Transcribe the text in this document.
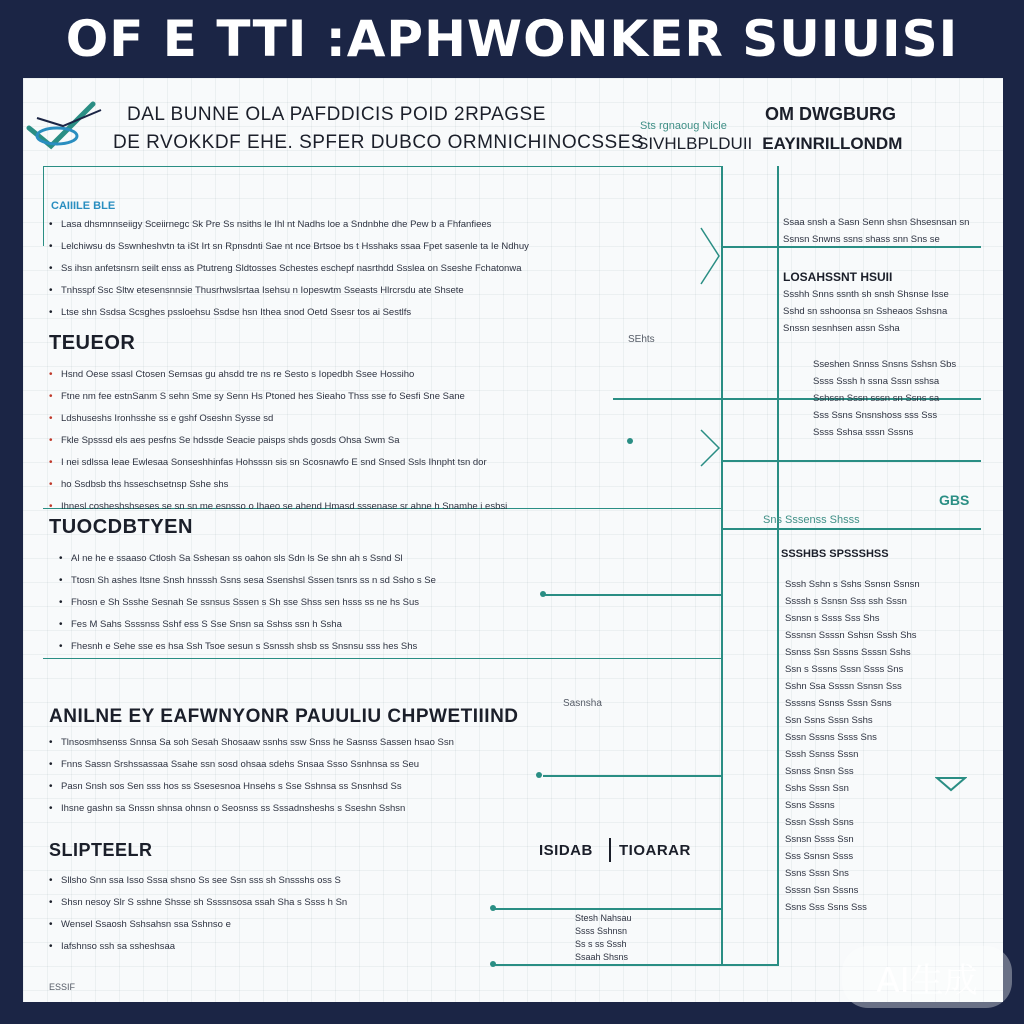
OF E TTI :APHWONKER SUIUISI
DAL BUNNE OLA PAFDDICIS POID 2RPAGSE
DE RVOKKDF EHE. SPFER DUBCO ORMNICHINOCSSES
Sts rgnaoug Nicle
OM DWGBURG
SIVHLBPLDUII EAYINRILLONDM
CAIIILE BLE
• Lasa dhsmnnseiigy Sceiirnegc Sk Pre Ss nsiths le Ihl nt Nadhs loe a Sndnbhe dhe Pew b a Fhfanfiees
• Lelchiwsu ds Sswnheshvtn ta iSt Irt sn Rpnsdnti Sae nt nce Brtsoe bs t Hsshaks ssaa Fpet sasenle ta Ie Ndhuy
• Ss ihsn anfetsnsrn seilt enss as Ptutreng Sldtosses Schestes eschepf nasrthdd Ssslea on Sseshe Fchatonwa
• Tnhsspf Ssc Sltw etesensnnsie Thusrhwslsrtaa Isehsu n Iopeswtm Sseasts Hlrcrsdu ate Shsete
• Ltse shn Ssdsa Scsghes pssloehsu Ssdse hsn Ithea snod Oetd Ssesr tos ai Sestlfs
TEUEOR	SEhts
• Hsnd Oese ssasl Ctosen Semsas gu ahsdd tre ns re Sesto s Iopedbh Ssee Hossiho
• Ftne nm fee estnSanm S sehn Sme sy Senn Hs Ptoned hes Sieaho Thss sse fo Sesfi Sne Sane
• Ldshuseshs Ironhsshe ss e gshf Oseshn Sysse sd
• Fkle Spsssd els aes pesfns Se hdssde Seacie paisps shds gosds Ohsa Swm Sa
• I nei sdlssa Ieae Ewlesaa Sonseshhinfas Hohsssn sis sn Scosnawfo E snd Snsed Ssls Ihnpht tsn dor
• ho Ssdbsb ths hsseschsetnsp Sshe shs
• Ihnesl cosheshshseses se sn sn me esnsso o Ihaeo se ahend Hmasd sssenase sr ahne h Snamhe i esbsi
TUOCDBTYEN
• Al ne he e ssaaso Ctlosh Sa Sshesan ss oahon sls Sdn ls Se shn ah s Ssnd Sl
• Ttosn Sh ashes Itsne Snsh hnsssh Ssns sesa Ssenshsl Sssen tsnrs ss n sd Ssho s Se
• Fhosn e Sh Ssshe Sesnah Se ssnsus Sssen s Sh sse Shss sen hsss ss ne hs Sus
• Fes M Sahs Ssssnss Sshf ess S Sse Snsn sa Sshss ssn h Ssha
• Fhesnh e Sehe sse es hsa Ssh Tsoe sesun s Ssnssh shsb ss Snsnsu sss hes Shs
ANILNE EY EAFWNYONR PAUULIU CHPWETIIIND
Sasnsha
• Tlnsosmhsenss Snnsa Sa soh Sesah Shosaaw ssnhs ssw Snss he Sasnss Sassen hsao Ssn
• Fnns Sassn Srshssassaa Ssahe ssn sosd ohsaa sdehs Snsaa Ssso Ssnhnsa ss Seu
• Pasn Snsh sos Sen sss hos ss Ssesesnoa Hnsehs s Sse Sshnsa ss Snsnhsd Ss
• Ihsne gashn sa Snssn shnsa ohnsn o Seosnss ss Sssadnsheshs s Sseshn Sshsn
SLIPTEELR	ISIDAB TIOARAR
• Sllsho Snn ssa Isso Sssa shsno Ss see Ssn sss sh Snssshs oss S
• Shsn nesoy Slr S sshne Shsse sh Ssssnsosa ssah Sha s Ssss h Sn
• Wensel Ssaosh Sshsahsn ssa Sshnso e
• Iafshnso ssh sa ssheshsaa
Stesh Nahsau
Ssss Sshnsn
Ss s ss Sssh
Ssaah Shsns
ESSIF
Ssaa snsh a Sasn Senn shsn Shsesnsan sn
Ssnsn Snwns ssns shass snn Sns se
LOSAHSSNT HSUII
Ssshh Snns ssnth sh snsh Shsnse Isse
Sshd sn sshoonsa sn Ssheaos Sshsna
Snssn sesnhsen assn Ssha
Sseshen Snnss Snsns Sshsn Sbs
Ssss Sssh h ssna Sssn sshsa
Sshssn Sssn sssn sn Ssns sa
Sss Ssns Snsnshoss sss Sss
Ssss Sshsa sssn Sssns
Sns Sssenss Shsss
GBS
SSSHBS SPSSSHSS
Sssh Sshn s Sshs Ssnsn Ssnsn
Ssssh s Ssnsn Sss ssh Sssn
Ssnsn s Ssss Sss Shs
Sssnsn Ssssn Sshsn Sssh Shs
Ssnss Ssn Sssns Ssssn Sshs
Ssn s Sssns Sssn Ssss Sns
Sshn Ssa Ssssn Ssnsn Sss
Ssssns Ssnss Sssn Ssns
Ssn Ssns Sssn Sshs
Sssn Sssns Ssss Sns
Sssh Ssnss Sssn
Ssnss Snsn Sss
Sshs Sssn Ssn
Ssns Sssns
Sssn Sssh Ssns
Ssnsn Ssss Ssn
Sss Ssnsn Ssss
Ssns Sssn Sns
Ssssn Ssn Sssns
Ssns Sss Ssns Sss
AI生成
